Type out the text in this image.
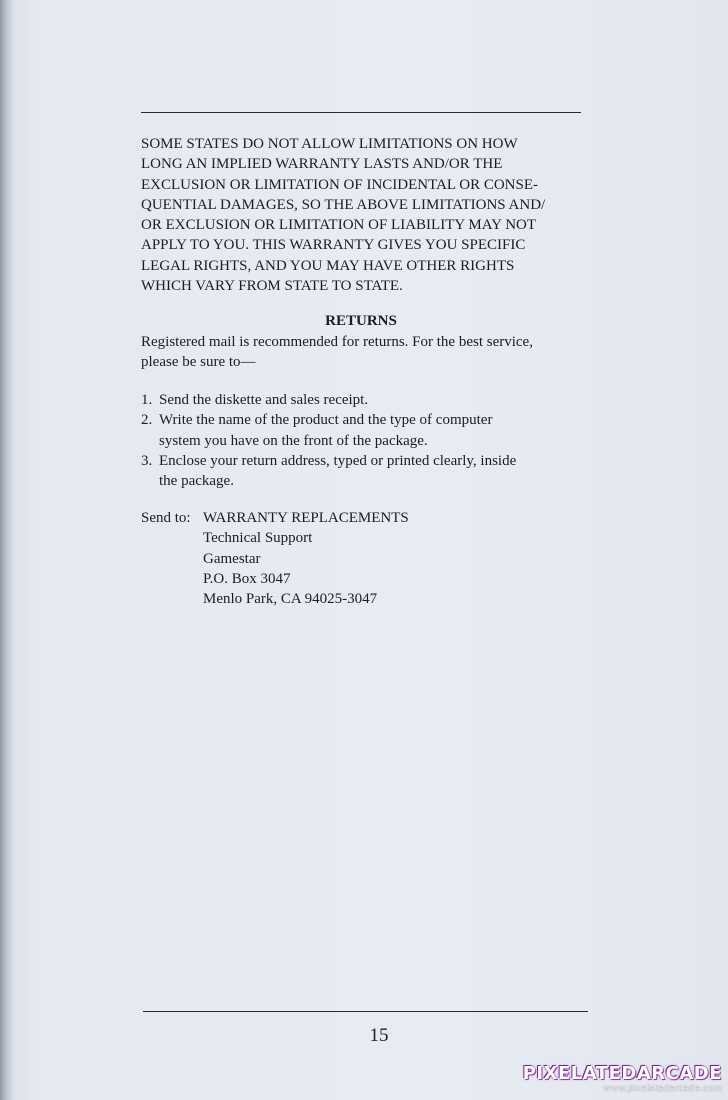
SOME STATES DO NOT ALLOW LIMITATIONS ON HOW
LONG AN IMPLIED WARRANTY LASTS AND/OR THE
EXCLUSION OR LIMITATION OF INCIDENTAL OR CONSE-
QUENTIAL DAMAGES, SO THE ABOVE LIMITATIONS AND/
OR EXCLUSION OR LIMITATION OF LIABILITY MAY NOT
APPLY TO YOU. THIS WARRANTY GIVES YOU SPECIFIC
LEGAL RIGHTS, AND YOU MAY HAVE OTHER RIGHTS
WHICH VARY FROM STATE TO STATE.

RETURNS

Registered mail is recommended for returns. For the best service,
please be sure to—

1. Send the diskette and sales receipt.
2. Write the name of the product and the type of computer
system you have on the front of the package.
3. Enclose your return address, typed or printed clearly, inside
the package.

Send to: WARRANTY REPLACEMENTS
Technical Support
Gamestar
P.O. Box 3047
Menlo Park, CA 94025-3047

15

PIXELATEDARCADE
www.pixelatedarcade.com
